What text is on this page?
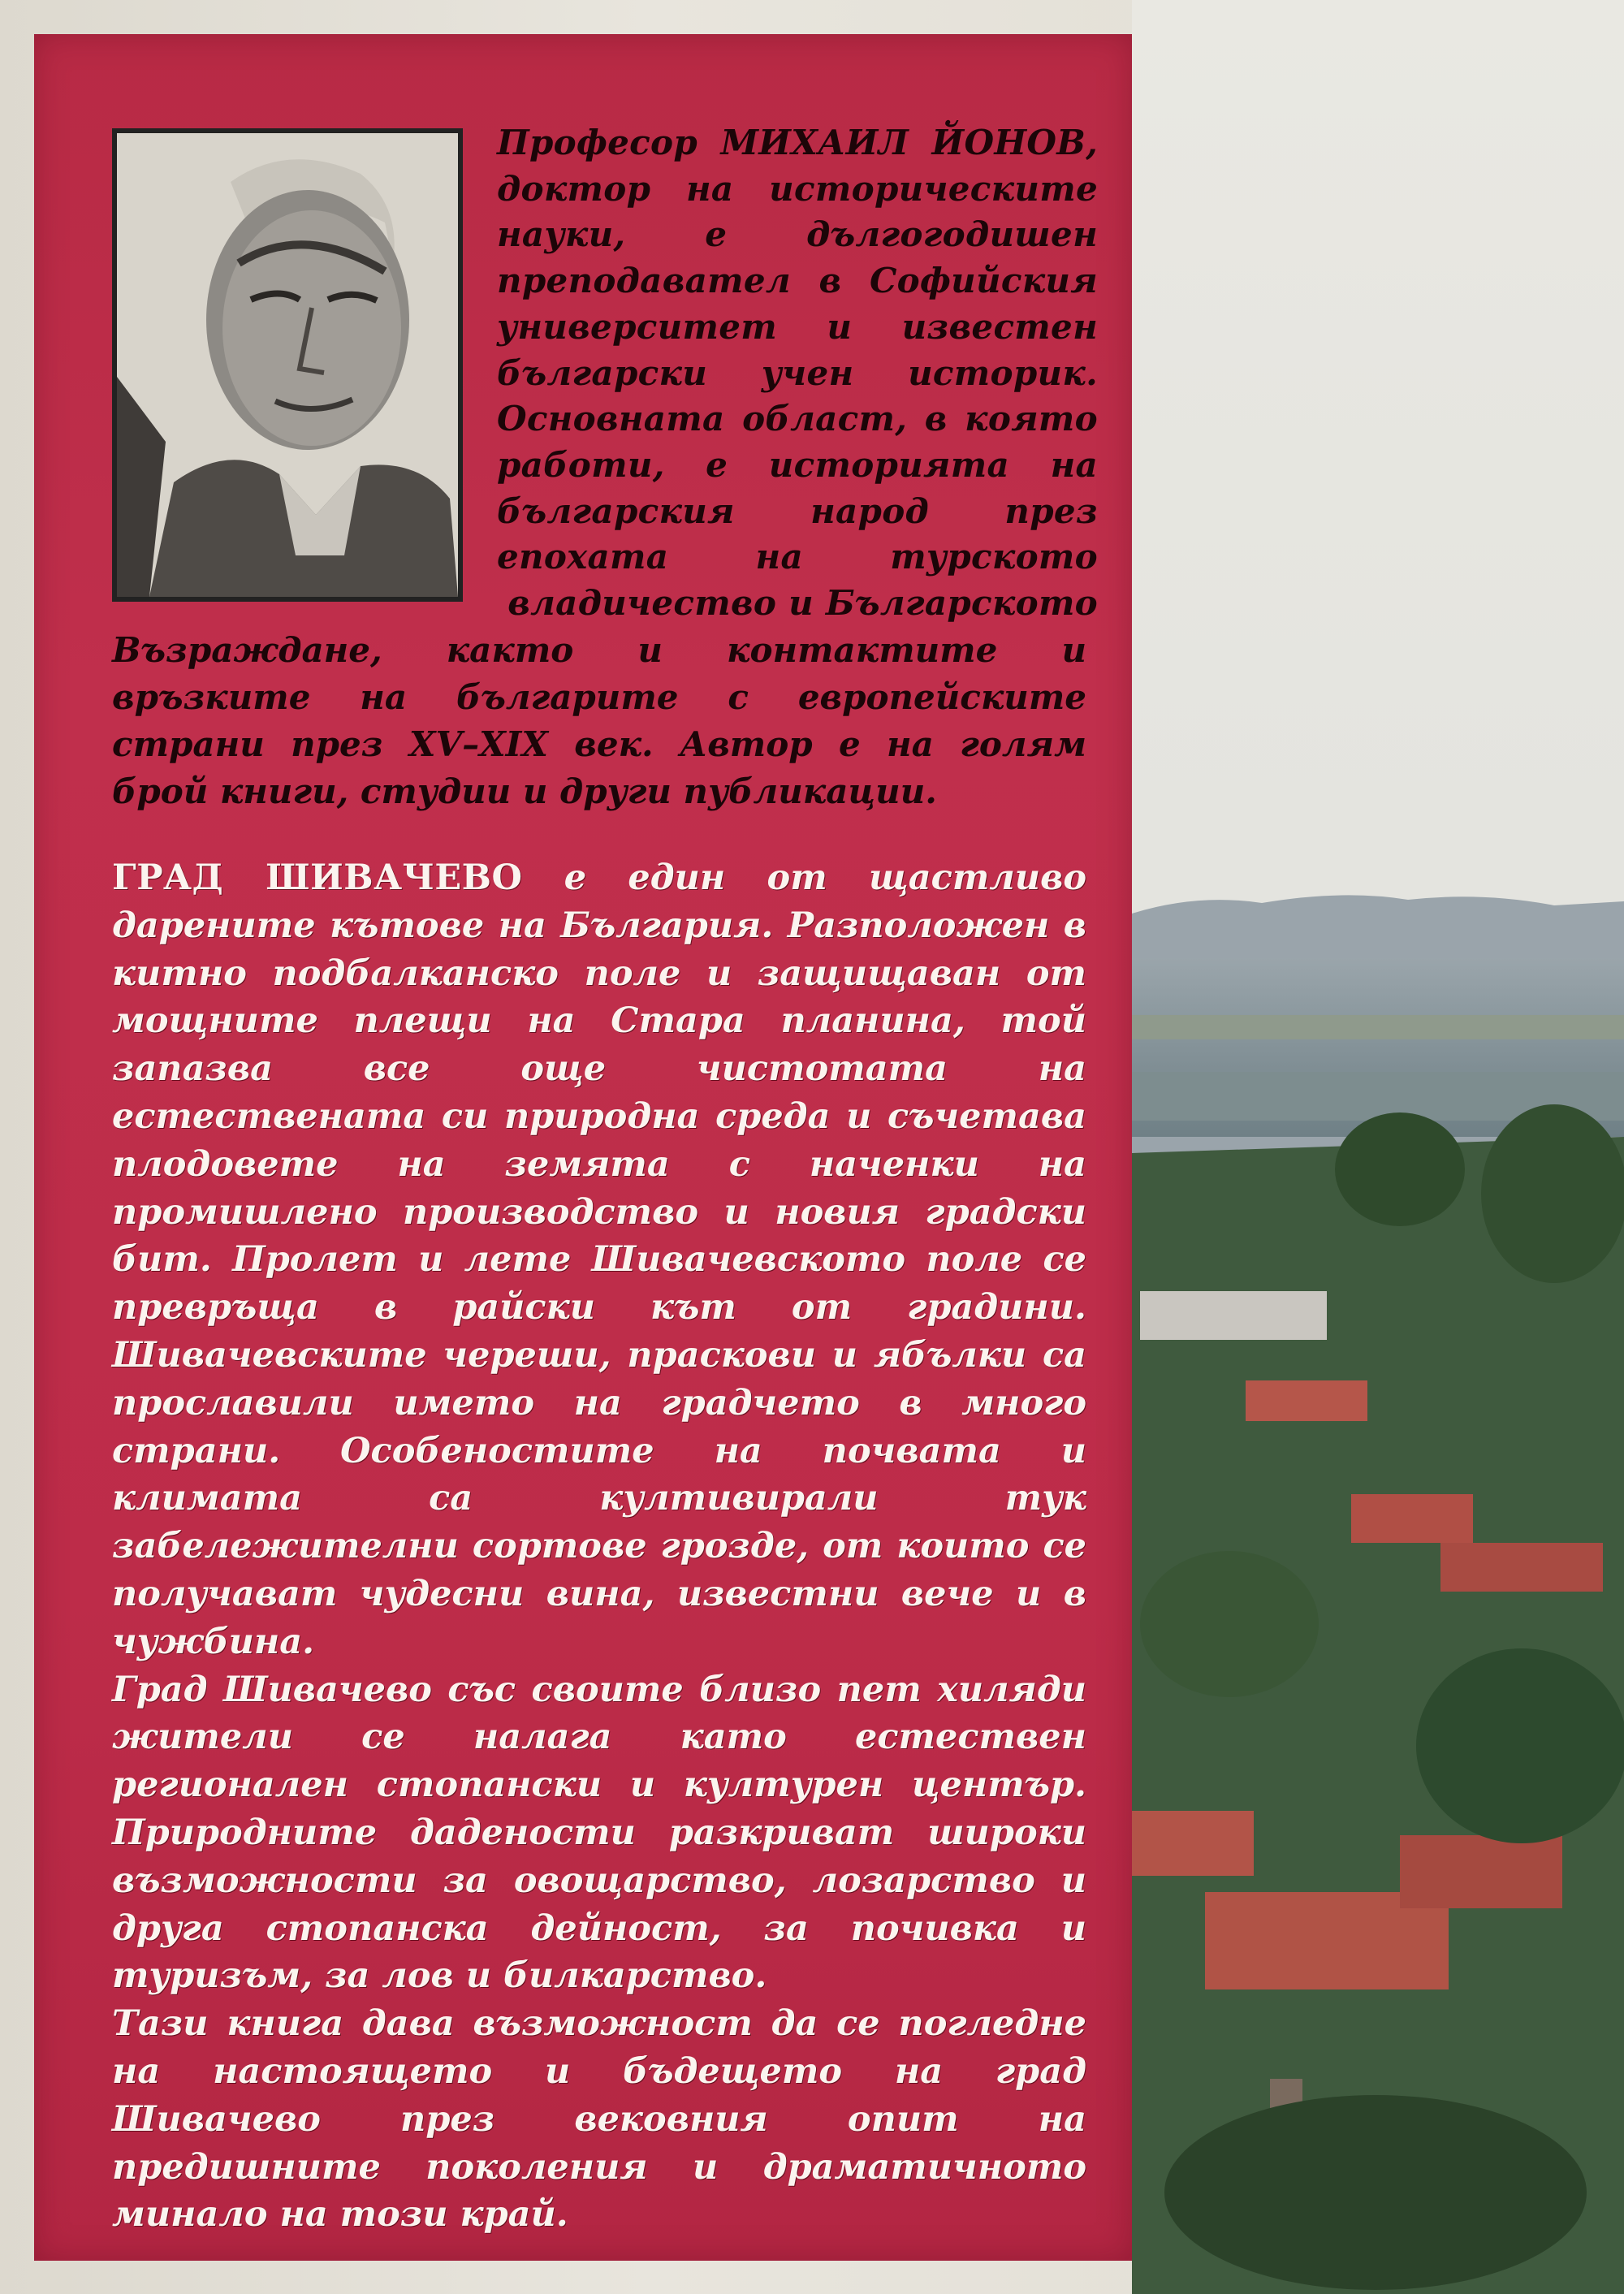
Професор МИХАИЛ ЙОНОВ, доктор на историческите науки, е дългогодишен преподавател в Софийския университет и известен български учен историк. Основната област, в която работи, е историята на българския народ през епохата на турското владичество и Българското

Възраждане, както и контактите и връзките на българите с европейските страни през XV–XIX век. Автор е на голям брой книги, студии и други публикации.

ГРАД ШИВАЧЕВО е един от щастливо дарените кътове на България. Разположен в китно подбалканско поле и защищаван от мощните плещи на Стара планина, той запазва все още чистотата на естествената си природна среда и съчетава плодовете на земята с наченки на промишлено производство и новия градски бит. Пролет и лете Шивачевското поле се превръща в райски кът от градини. Шивачевските череши, праскови и ябълки са прославили името на градчето в много страни. Особеностите на почвата и климата са култивирали тук забележителни сортове грозде, от които се получават чудесни вина, известни вече и в чужбина.

Град Шивачево със своите близо пет хиляди жители се налага като естествен регионален стопански и културен център. Природните дадености разкриват широки възможности за овощарство, лозарство и друга стопанска дейност, за почивка и туризъм, за лов и билкарство.

Тази книга дава възможност да се погледне на настоящето и бъдещето на град Шивачево през вековния опит на предишните поколения и драматичното минало на този край.
